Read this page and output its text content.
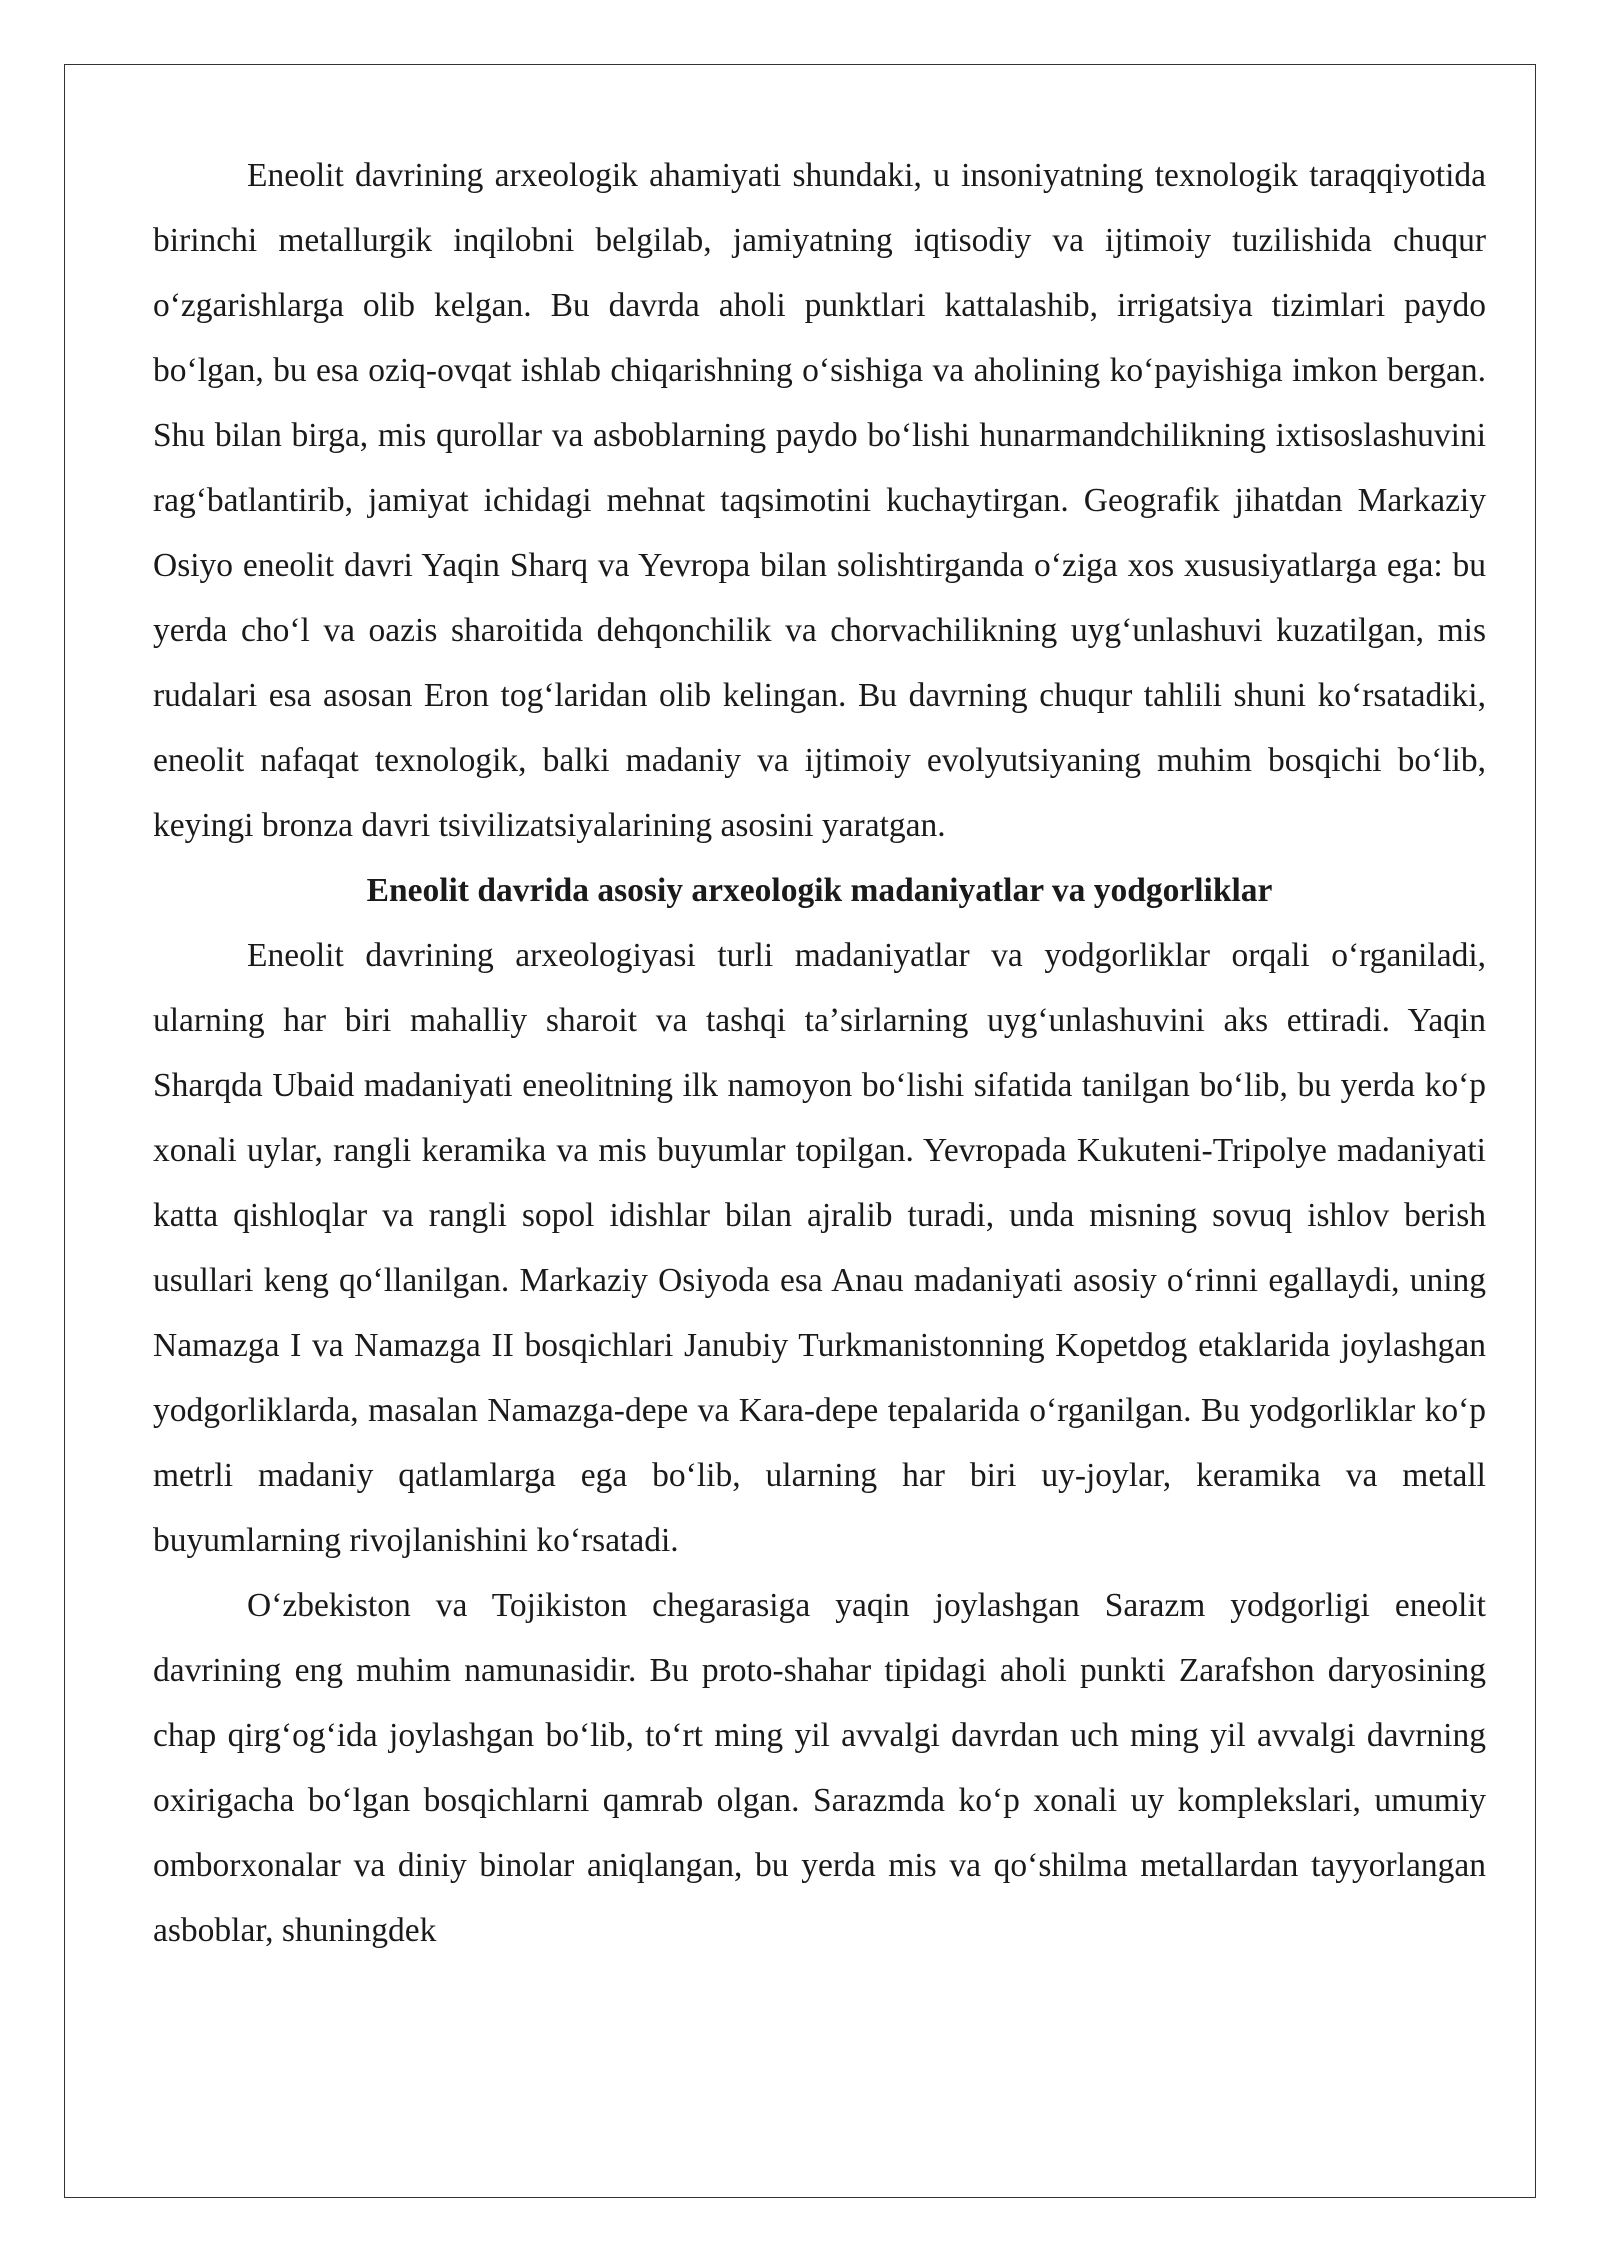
Eneolit davrining arxeologik ahamiyati shundaki, u insoniyatning texnologik taraqqiyotida birinchi metallurgik inqilobni belgilab, jamiyatning iqtisodiy va ijtimoiy tuzilishida chuqur oʻzgarishlarga olib kelgan. Bu davrda aholi punktlari kattalashib, irrigatsiya tizimlari paydo boʻlgan, bu esa oziq-ovqat ishlab chiqarishning oʻsishiga va aholining koʻpayishiga imkon bergan. Shu bilan birga, mis qurollar va asboblarning paydo boʻlishi hunarmandchilikning ixtisoslashuvini ragʻbatlantirib, jamiyat ichidagi mehnat taqsimotini kuchaytirgan. Geografik jihatdan Markaziy Osiyo eneolit davri Yaqin Sharq va Yevropa bilan solishtirganda oʻziga xos xususiyatlarga ega: bu yerda choʻl va oazis sharoitida dehqonchilik va chorvachilikning uygʻunlashuvi kuzatilgan, mis rudalari esa asosan Eron togʻlaridan olib kelingan. Bu davrning chuqur tahlili shuni koʻrsatadiki, eneolit nafaqat texnologik, balki madaniy va ijtimoiy evolyutsiyaning muhim bosqichi boʻlib, keyingi bronza davri tsivilizatsiyalarining asosini yaratgan.

Eneolit davrida asosiy arxeologik madaniyatlar va yodgorliklar

Eneolit davrining arxeologiyasi turli madaniyatlar va yodgorliklar orqali oʻrganiladi, ularning har biri mahalliy sharoit va tashqi taʼsirlarning uygʻunlashuvini aks ettiradi. Yaqin Sharqda Ubaid madaniyati eneolitning ilk namoyon boʻlishi sifatida tanilgan boʻlib, bu yerda koʻp xonali uylar, rangli keramika va mis buyumlar topilgan. Yevropada Kukuteni-Tripolye madaniyati katta qishloqlar va rangli sopol idishlar bilan ajralib turadi, unda misning sovuq ishlov berish usullari keng qoʻllanilgan. Markaziy Osiyoda esa Anau madaniyati asosiy oʻrinni egallaydi, uning Namazga I va Namazga II bosqichlari Janubiy Turkmanistonning Kopetdog etaklarida joylashgan yodgorliklarda, masalan Namazga-depe va Kara-depe tepalarida oʻrganilgan. Bu yodgorliklar koʻp metrli madaniy qatlamlarga ega boʻlib, ularning har biri uy-joylar, keramika va metall buyumlarning rivojlanishini koʻrsatadi.

Oʻzbekiston va Tojikiston chegarasiga yaqin joylashgan Sarazm yodgorligi eneolit davrining eng muhim namunasidir. Bu proto-shahar tipidagi aholi punkti Zarafshon daryosining chap qirgʻogʻida joylashgan boʻlib, toʻrt ming yil avvalgi davrdan uch ming yil avvalgi davrning oxirigacha boʻlgan bosqichlarni qamrab olgan. Sarazmda koʻp xonali uy komplekslari, umumiy omborxonalar va diniy binolar aniqlangan, bu yerda mis va qoʻshilma metallardan tayyorlangan asboblar, shuningdek
